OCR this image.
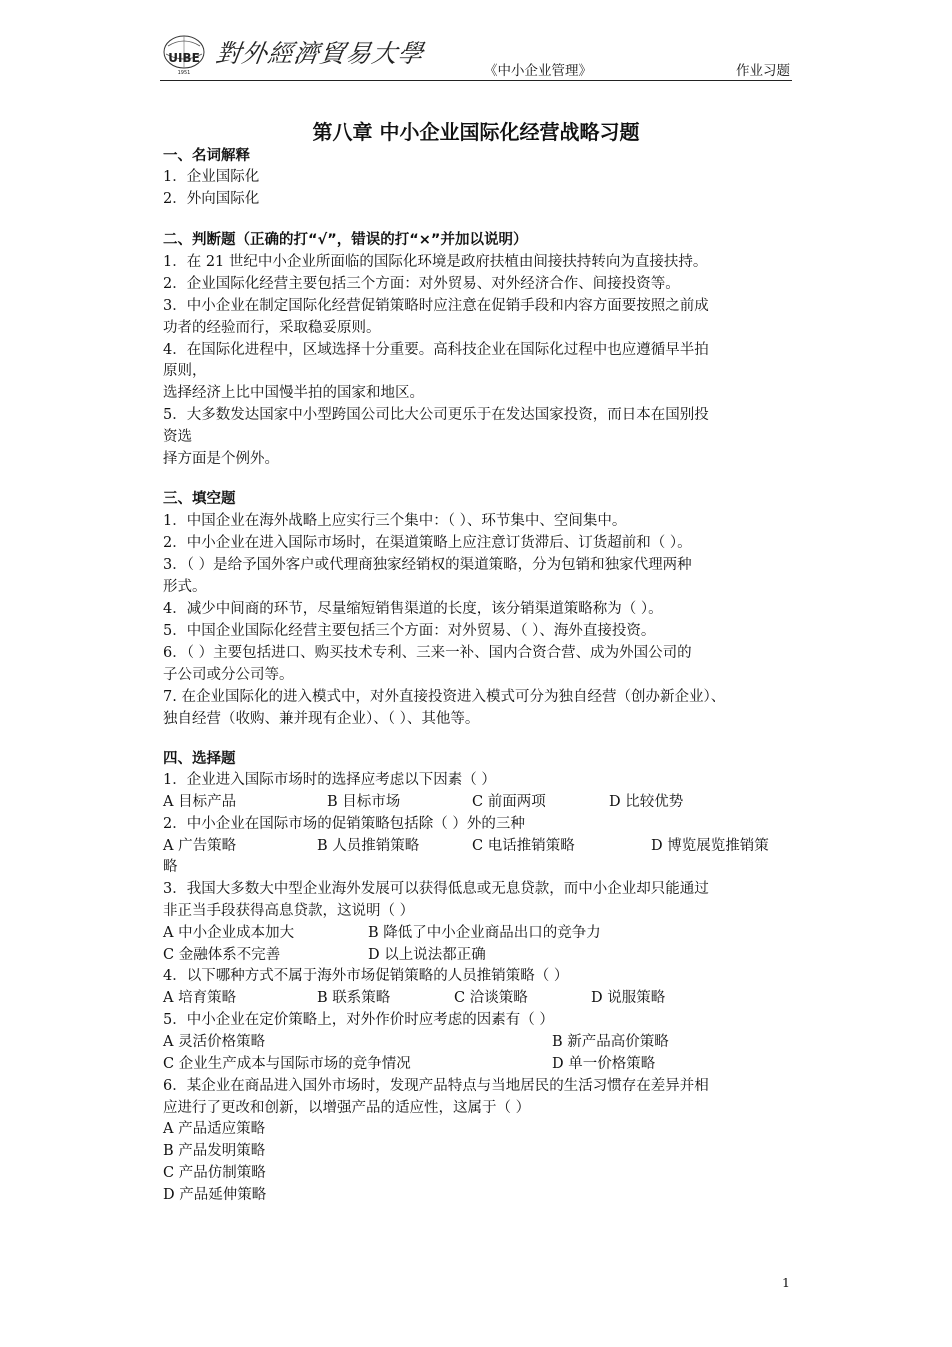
UIBE
1951
對外經濟貿易大學
《中小企业管理》	作业习题
第八章 中小企业国际化经营战略习题
一、名词解释
1．企业国际化
2．外向国际化
二、判断题（正确的打“√”，错误的打“×”并加以说明）
1．在 21 世纪中小企业所面临的国际化环境是政府扶植由间接扶持转向为直接扶持。
2．企业国际化经营主要包括三个方面：对外贸易、对外经济合作、间接投资等。
3．中小企业在制定国际化经营促销策略时应注意在促销手段和内容方面要按照之前成
功者的经验而行，采取稳妥原则。
4．在国际化进程中，区域选择十分重要。高科技企业在国际化过程中也应遵循早半拍
原则，
选择经济上比中国慢半拍的国家和地区。
5．大多数发达国家中小型跨国公司比大公司更乐于在发达国家投资，而日本在国别投
资选
择方面是个例外。
三、填空题
1．中国企业在海外战略上应实行三个集中：（ ）、环节集中、空间集中。
2．中小企业在进入国际市场时，在渠道策略上应注意订货滞后、订货超前和（ ）。
3．（ ）是给予国外客户或代理商独家经销权的渠道策略，分为包销和独家代理两种
形式。
4．减少中间商的环节，尽量缩短销售渠道的长度，该分销渠道策略称为（ ）。
5．中国企业国际化经营主要包括三个方面：对外贸易、（ ）、海外直接投资。
6．（ ）主要包括进口、购买技术专利、三来一补、国内合资合营、成为外国公司的
子公司或分公司等。
7. 在企业国际化的进入模式中，对外直接投资进入模式可分为独自经营（创办新企业）、
独自经营（收购、兼并现有企业）、（ ）、其他等。
四、选择题
1．企业进入国际市场时的选择应考虑以下因素（ ）
A 目标产品	B 目标市场	C 前面两项	D 比较优势
2．中小企业在国际市场的促销策略包括除（ ）外的三种
A 广告策略	B 人员推销策略	C 电话推销策略	D 博览展览推销策
略
3．我国大多数大中型企业海外发展可以获得低息或无息贷款，而中小企业却只能通过
非正当手段获得高息贷款，这说明（ ）
A 中小企业成本加大	B 降低了中小企业商品出口的竞争力
C 金融体系不完善	D 以上说法都正确
4．以下哪种方式不属于海外市场促销策略的人员推销策略（ ）
A 培育策略	B 联系策略	C 洽谈策略	D 说服策略
5．中小企业在定价策略上，对外作价时应考虑的因素有（ ）
A 灵活价格策略	B 新产品高价策略
C 企业生产成本与国际市场的竞争情况	D 单一价格策略
6．某企业在商品进入国外市场时，发现产品特点与当地居民的生活习惯存在差异并相
应进行了更改和创新，以增强产品的适应性，这属于（ ）
A 产品适应策略
B 产品发明策略
C 产品仿制策略
D 产品延伸策略
1
